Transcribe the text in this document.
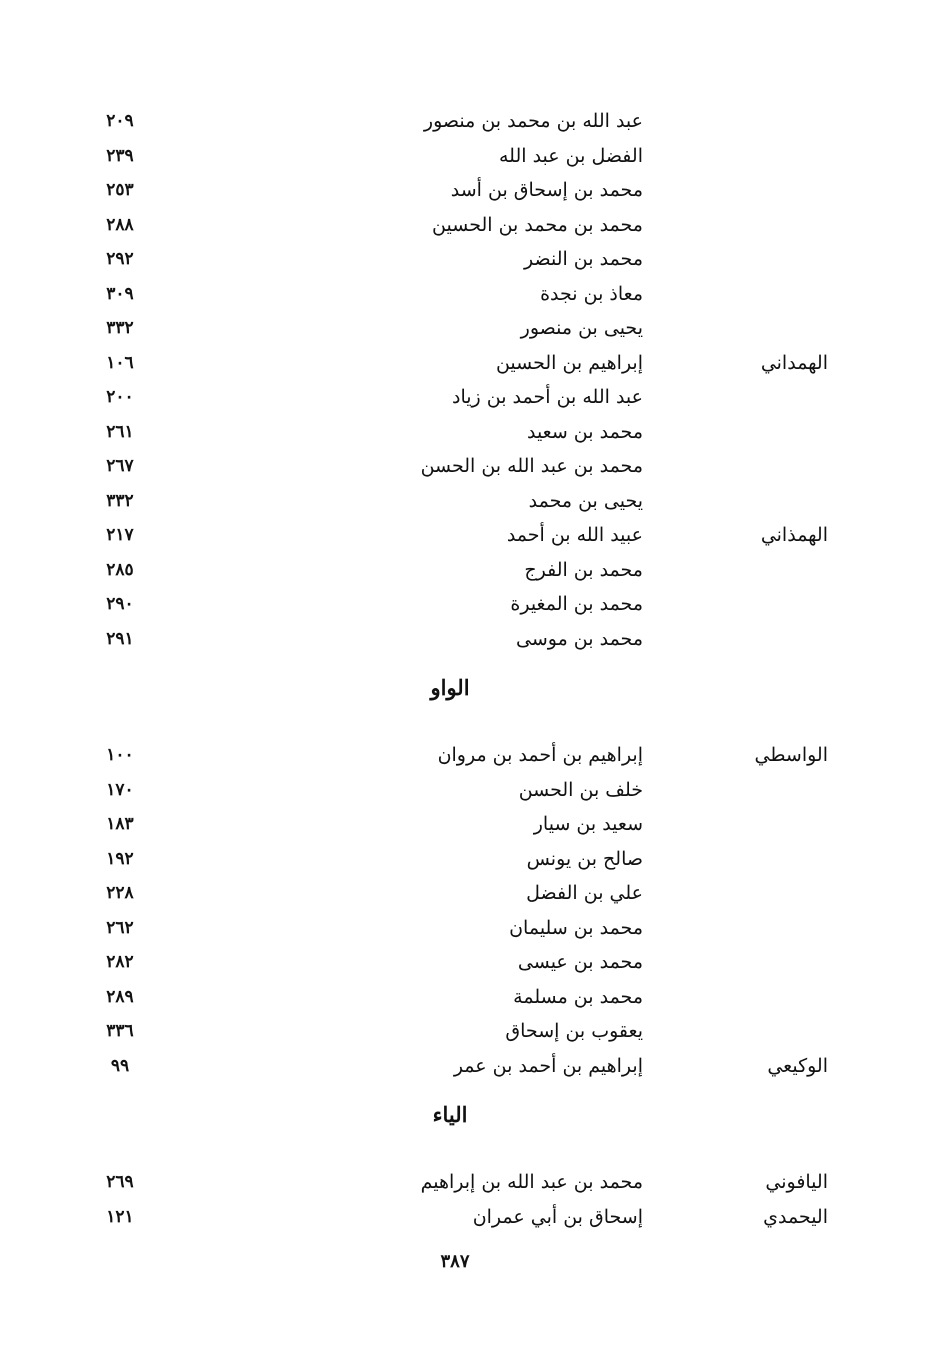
عبد الله بن محمد بن منصور
٢٠٩
الفضل بن عبد الله
٢٣٩
محمد بن إسحاق بن أسد
٢٥٣
محمد بن محمد بن الحسين
٢٨٨
محمد بن النضر
٢٩٢
معاذ بن نجدة
٣٠٩
يحيى بن منصور
٣٣٢
الهمداني
إبراهيم بن الحسين
١٠٦
عبد الله بن أحمد بن زياد
٢٠٠
محمد بن سعيد
٢٦١
محمد بن عبد الله بن الحسن
٢٦٧
يحيى بن محمد
٣٣٢
الهمذاني
عبيد الله بن أحمد
٢١٧
محمد بن الفرج
٢٨٥
محمد بن المغيرة
٢٩٠
محمد بن موسى
٢٩١
الواو
الواسطي
إبراهيم بن أحمد بن مروان
١٠٠
خلف بن الحسن
١٧٠
سعيد بن سيار
١٨٣
صالح بن يونس
١٩٢
علي بن الفضل
٢٢٨
محمد بن سليمان
٢٦٢
محمد بن عيسى
٢٨٢
محمد بن مسلمة
٢٨٩
يعقوب بن إسحاق
٣٣٦
الوكيعي
إبراهيم بن أحمد بن عمر
٩٩
الياء
اليافوني
محمد بن عبد الله بن إبراهيم
٢٦٩
اليحمدي
إسحاق بن أبي عمران
١٢١
٣٨٧
